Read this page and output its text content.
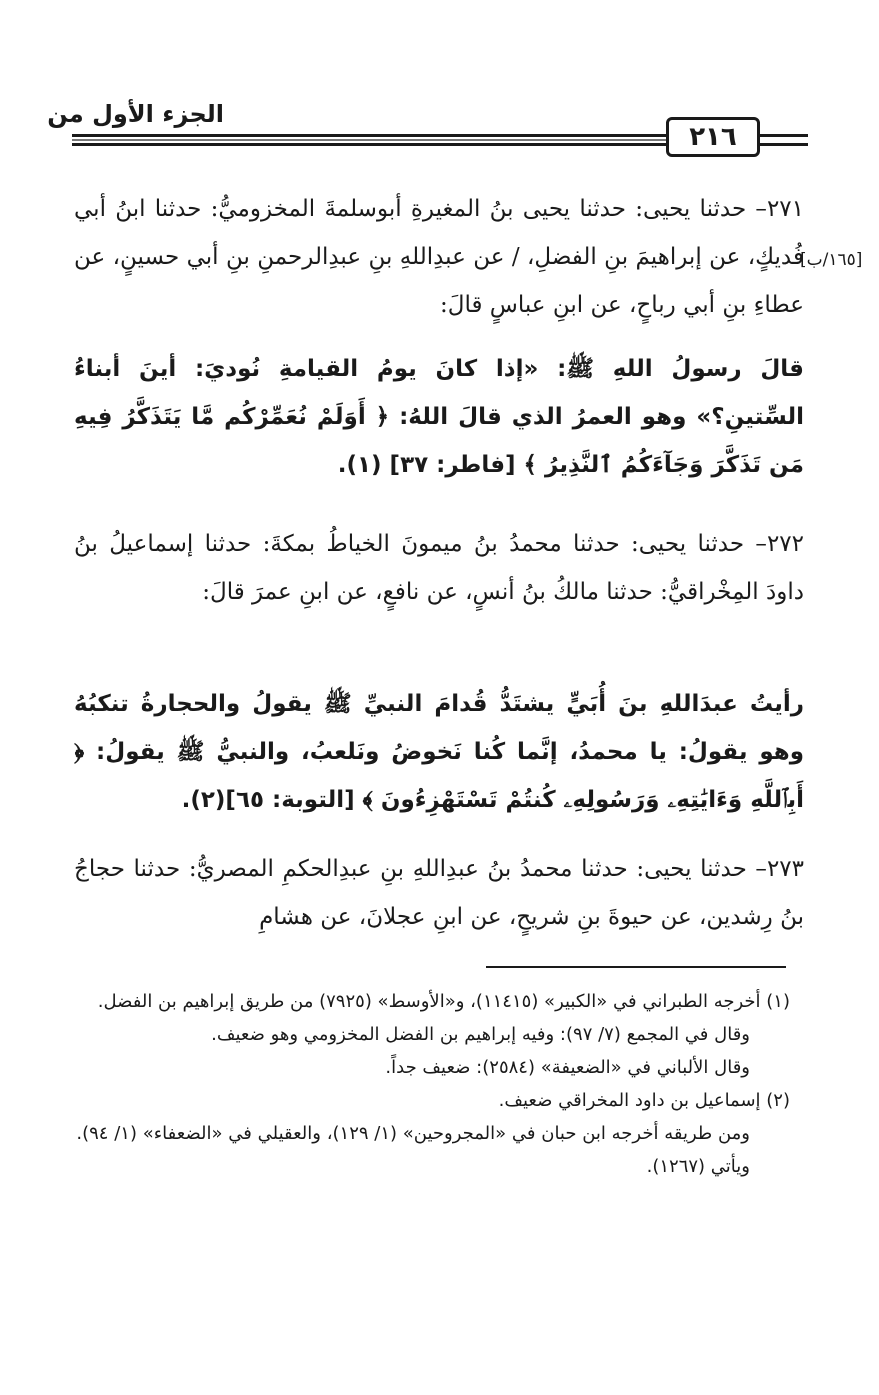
الجزء الأول من
٢١٦
[١٦٥/ب]

٢٧١– حدثنا يحيى: حدثنا يحيى بنُ المغيرةِ أبوسلمةَ المخزوميُّ: حدثنا ابنُ أبي فُديكٍ، عن إبراهيمَ بنِ الفضلِ، / عن عبدِاللهِ بنِ عبدِالرحمنِ بنِ أبي حسينٍ، عن عطاءِ بنِ أبي رباحٍ، عن ابنِ عباسٍ قالَ:

قالَ رسولُ اللهِ ﷺ: «إذا كانَ يومُ القيامةِ نُوديَ: أينَ أبناءُ السِّتينِ؟» وهو العمرُ الذي قالَ اللهُ: ﴿ أَوَلَمْ نُعَمِّرْكُم مَّا يَتَذَكَّرُ فِيهِ مَن تَذَكَّرَ وَجَآءَكُمُ ٱلنَّذِيرُ ﴾ [فاطر: ٣٧] (١).

٢٧٢– حدثنا يحيى: حدثنا محمدُ بنُ ميمونَ الخياطُ بمكةَ: حدثنا إسماعيلُ بنُ داودَ المِخْراقيُّ: حدثنا مالكُ بنُ أنسٍ، عن نافعٍ، عن ابنِ عمرَ قالَ:

رأيتُ عبدَاللهِ بنَ أُبَيٍّ يشتَدُّ قُدامَ النبيِّ ﷺ يقولُ والحجارةُ تنكبُهُ وهو يقولُ: يا محمدُ، إنَّما كُنا نَخوضُ ونَلعبُ، والنبيُّ ﷺ يقولُ: ﴿ أَبِٱللَّهِ وَءَايَٰتِهِۦ وَرَسُولِهِۦ كُنتُمْ تَسْتَهْزِءُونَ ﴾ [التوبة: ٦٥](٢).

٢٧٣– حدثنا يحيى: حدثنا محمدُ بنُ عبدِاللهِ بنِ عبدِالحكمِ المصريُّ: حدثنا حجاجُ بنُ رِشدين، عن حيوةَ بنِ شريحٍ، عن ابنِ عجلانَ، عن هشامِ

(١) أخرجه الطبراني في «الكبير» (١١٤١٥)، و«الأوسط» (٧٩٢٥) من طريق إبراهيم بن الفضل.

وقال في المجمع (٧/ ٩٧): وفيه إبراهيم بن الفضل المخزومي وهو ضعيف.

وقال الألباني في «الضعيفة» (٢٥٨٤): ضعيف جداً.

(٢) إسماعيل بن داود المخراقي ضعيف.

ومن طريقه أخرجه ابن حبان في «المجروحين» (١/ ١٢٩)، والعقيلي في «الضعفاء» (١/ ٩٤). ويأتي (١٢٦٧).
